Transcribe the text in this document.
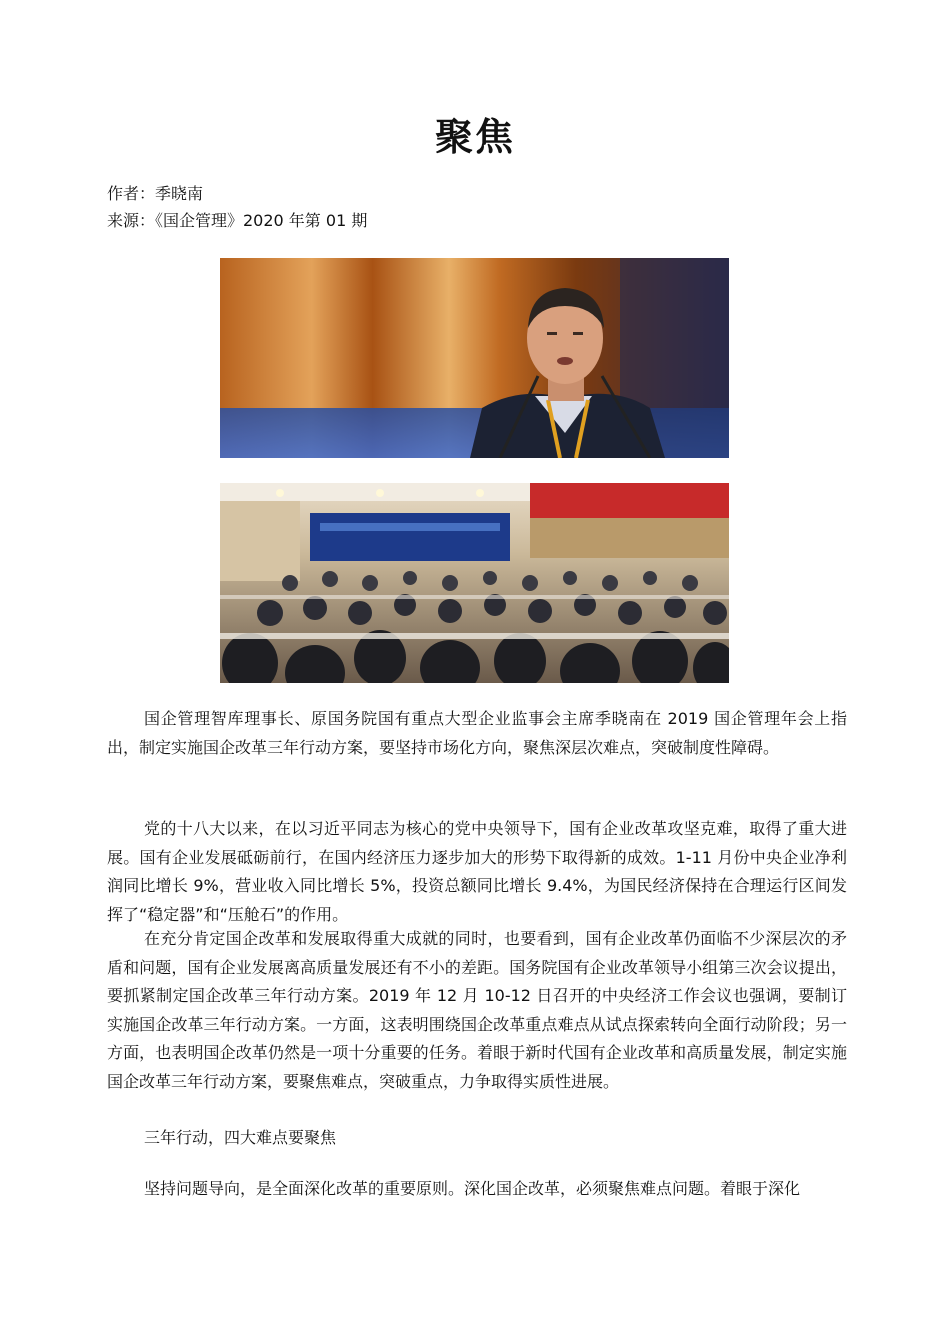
聚焦
作者：季晓南
来源：《国企管理》2020 年第 01 期

国企管理智库理事长、原国务院国有重点大型企业监事会主席季晓南在 2019 国企管理年会上指出，制定实施国企改革三年行动方案，要坚持市场化方向，聚焦深层次难点，突破制度性障碍。

党的十八大以来，在以习近平同志为核心的党中央领导下，国有企业改革攻坚克难，取得了重大进展。国有企业发展砥砺前行，在国内经济压力逐步加大的形势下取得新的成效。1-11 月份中央企业净利润同比增长 9%，营业收入同比增长 5%，投资总额同比增长 9.4%，为国民经济保持在合理运行区间发挥了“稳定器”和“压舱石”的作用。

在充分肯定国企改革和发展取得重大成就的同时，也要看到，国有企业改革仍面临不少深层次的矛盾和问题，国有企业发展离高质量发展还有不小的差距。国务院国有企业改革领导小组第三次会议提出，要抓紧制定国企改革三年行动方案。2019 年 12 月 10-12 日召开的中央经济工作会议也强调，要制订实施国企改革三年行动方案。一方面，这表明围绕国企改革重点难点从试点探索转向全面行动阶段；另一方面，也表明国企改革仍然是一项十分重要的任务。着眼于新时代国有企业改革和高质量发展，制定实施国企改革三年行动方案，要聚焦难点，突破重点，力争取得实质性进展。

三年行动，四大难点要聚焦

坚持问题导向，是全面深化改革的重要原则。深化国企改革，必须聚焦难点问题。着眼于深化
